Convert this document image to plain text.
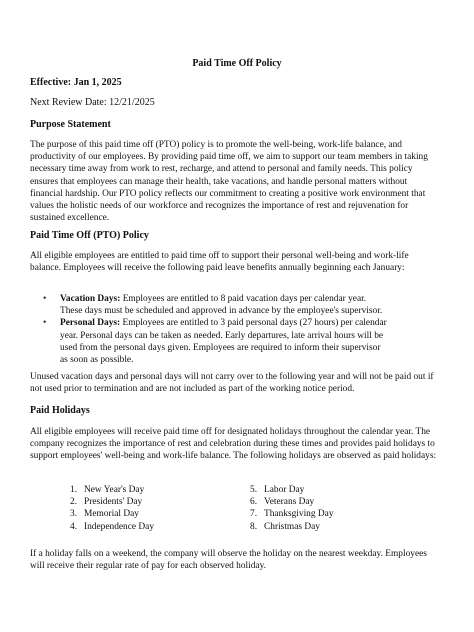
Paid Time Off Policy
Effective: Jan 1, 2025
Next Review Date: 12/21/2025
Purpose Statement
The purpose of this paid time off (PTO) policy is to promote the well-being, work-life balance, and productivity of our employees. By providing paid time off, we aim to support our team members in taking necessary time away from work to rest, recharge, and attend to personal and family needs. This policy ensures that employees can manage their health, take vacations, and handle personal matters without financial hardship. Our PTO policy reflects our commitment to creating a positive work environment that values the holistic needs of our workforce and recognizes the importance of rest and rejuvenation for sustained excellence.
Paid Time Off (PTO) Policy
All eligible employees are entitled to paid time off to support their personal well-being and work-life balance. Employees will receive the following paid leave benefits annually beginning each January:
• Vacation Days: Employees are entitled to 8 paid vacation days per calendar year. These days must be scheduled and approved in advance by the employee's supervisor.
• Personal Days: Employees are entitled to 3 paid personal days (27 hours) per calendar year. Personal days can be taken as needed. Early departures, late arrival hours will be used from the personal days given. Employees are required to inform their supervisor as soon as possible.
Unused vacation days and personal days will not carry over to the following year and will not be paid out if not used prior to termination and are not included as part of the working notice period.
Paid Holidays
All eligible employees will receive paid time off for designated holidays throughout the calendar year. The company recognizes the importance of rest and celebration during these times and provides paid holidays to support employees' well-being and work-life balance. The following holidays are observed as paid holidays:
1. New Year's Day
2. Presidents' Day
3. Memorial Day
4. Independence Day
5. Labor Day
6. Veterans Day
7. Thanksgiving Day
8. Christmas Day
If a holiday falls on a weekend, the company will observe the holiday on the nearest weekday. Employees will receive their regular rate of pay for each observed holiday.
